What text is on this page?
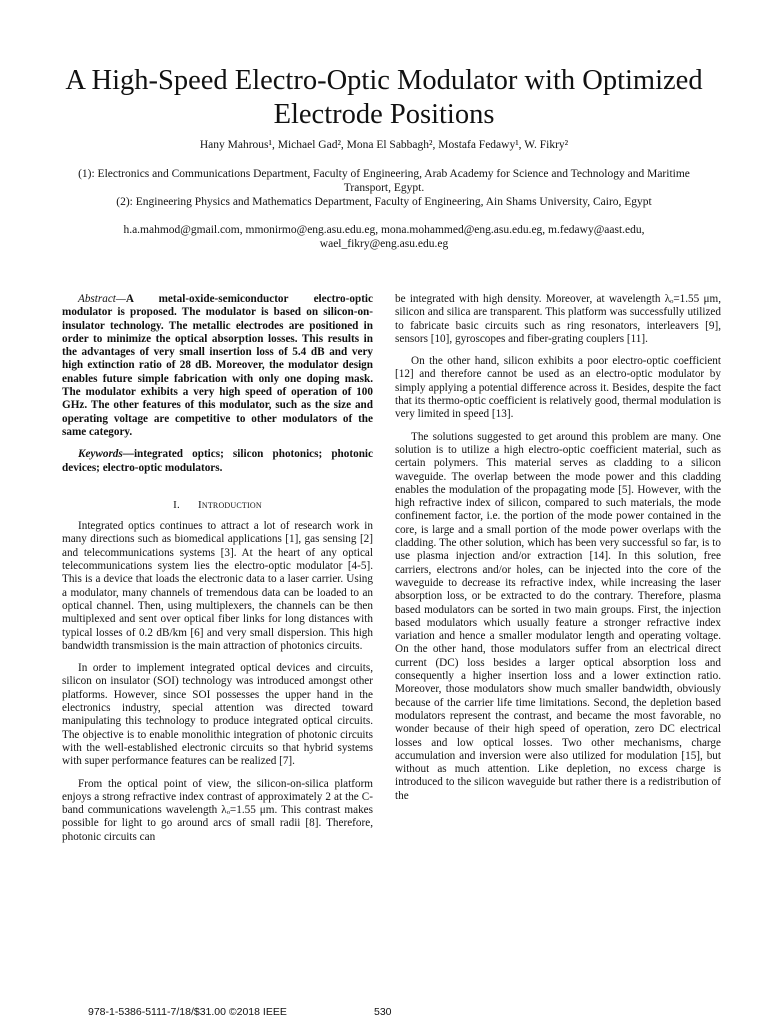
A High-Speed Electro-Optic Modulator with Optimized Electrode Positions
Hany Mahrous¹, Michael Gad², Mona El Sabbagh², Mostafa Fedawy¹, W. Fikry²

(1): Electronics and Communications Department, Faculty of Engineering, Arab Academy for Science and Technology and Maritime Transport, Egypt.

(2): Engineering Physics and Mathematics Department, Faculty of Engineering, Ain Shams University, Cairo, Egypt

h.a.mahmod@gmail.com, mmonirmo@eng.asu.edu.eg, mona.mohammed@eng.asu.edu.eg, m.fedawy@aast.edu, wael_fikry@eng.asu.edu.eg

Abstract—A metal-oxide-semiconductor electro-optic modulator is proposed. The modulator is based on silicon-on-insulator technology. The metallic electrodes are positioned in order to minimize the optical absorption losses. This results in the advantages of very small insertion loss of 5.4 dB and very high extinction ratio of 28 dB. Moreover, the modulator design enables future simple fabrication with only one doping mask. The modulator exhibits a very high speed of operation of 100 GHz. The other features of this modulator, such as the size and operating voltage are competitive to other modulators of the same category.

Keywords—integrated optics; silicon photonics; photonic devices; electro-optic modulators.

I. Introduction

Integrated optics continues to attract a lot of research work in many directions such as biomedical applications [1], gas sensing [2] and telecommunications systems [3]. At the heart of any optical telecommunications system lies the electro-optic modulator [4-5]. This is a device that loads the electronic data to a laser carrier. Using a modulator, many channels of tremendous data can be loaded to an optical channel. Then, using multiplexers, the channels can be then multiplexed and sent over optical fiber links for long distances with typical losses of 0.2 dB/km [6] and very small dispersion. This high bandwidth transmission is the main attraction of photonics circuits.

In order to implement integrated optical devices and circuits, silicon on insulator (SOI) technology was introduced amongst other platforms. However, since SOI possesses the upper hand in the electronics industry, special attention was directed toward manipulating this technology to produce integrated optical circuits. The objective is to enable monolithic integration of photonic circuits with the well-established electronic circuits so that hybrid systems with super performance features can be realized [7].

From the optical point of view, the silicon-on-silica platform enjoys a strong refractive index contrast of approximately 2 at the C-band communications wavelength λₒ=1.55 μm. This contrast makes possible for light to go around arcs of small radii [8]. Therefore, photonic circuits can

be integrated with high density. Moreover, at wavelength λₒ=1.55 μm, silicon and silica are transparent. This platform was successfully utilized to fabricate basic circuits such as ring resonators, interleavers [9], sensors [10], gyroscopes and fiber-grating couplers [11].

On the other hand, silicon exhibits a poor electro-optic coefficient [12] and therefore cannot be used as an electro-optic modulator by simply applying a potential difference across it. Besides, despite the fact that its thermo-optic coefficient is relatively good, thermal modulation is very limited in speed [13].

The solutions suggested to get around this problem are many. One solution is to utilize a high electro-optic coefficient material, such as certain polymers. This material serves as cladding to a silicon waveguide. The overlap between the mode power and this cladding enables the modulation of the propagating mode [5]. However, with the high refractive index of silicon, compared to such materials, the mode confinement factor, i.e. the portion of the mode power contained in the core, is large and a small portion of the mode power overlaps with the cladding. The other solution, which has been very successful so far, is to use plasma injection and/or extraction [14]. In this solution, free carriers, electrons and/or holes, can be injected into the core of the waveguide to decrease its refractive index, while increasing the laser absorption loss, or be extracted to do the contrary. Therefore, plasma based modulators can be sorted in two main groups. First, the injection based modulators which usually feature a stronger refractive index variation and hence a smaller modulator length and operating voltage. On the other hand, those modulators suffer from an electrical direct current (DC) loss besides a larger optical absorption loss and consequently a higher insertion loss and a lower extinction ratio. Moreover, those modulators show much smaller bandwidth, obviously because of the carrier life time limitations. Second, the depletion based modulators represent the contrast, and became the most favorable, no wonder because of their high speed of operation, zero DC electrical losses and low optical losses. Two other mechanisms, charge accumulation and inversion were also utilized for modulation [15], but without as much attention. Like depletion, no excess charge is introduced to the silicon waveguide but rather there is a redistribution of the

978-1-5386-5111-7/18/$31.00 ©2018 IEEE	530
